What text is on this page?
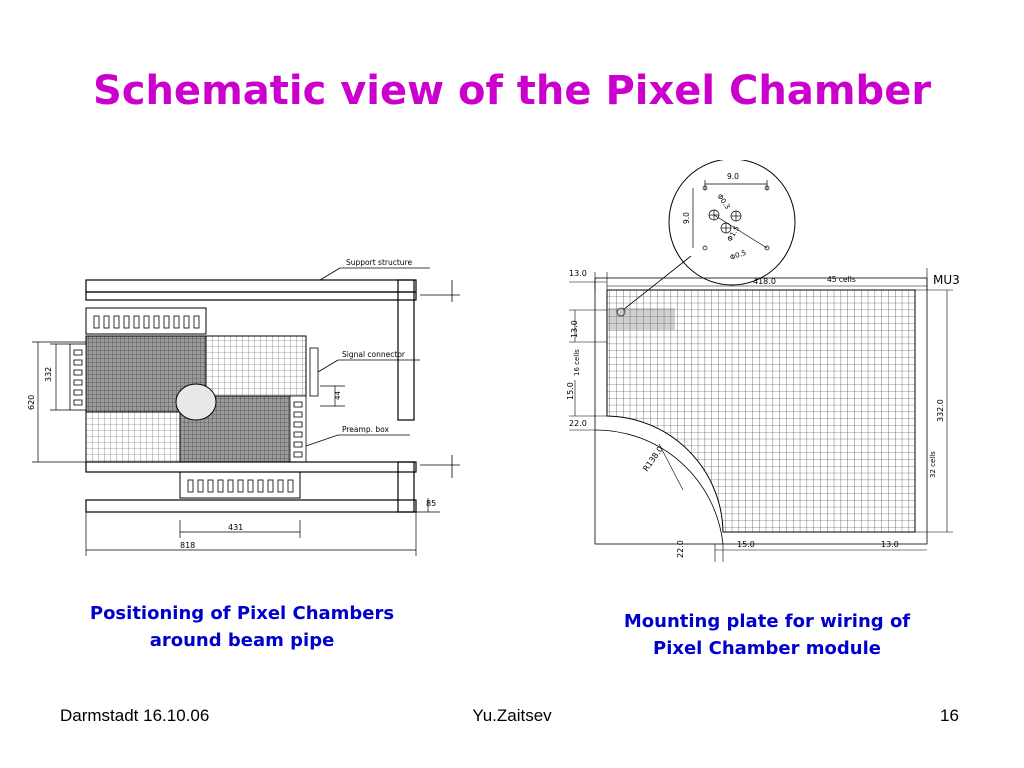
Schematic view of the Pixel Chamber
Support structure
Signal connector
Preamp. box
620
332
44
85
431
818
9.0
9.0
Φ0.3
Φ1.5
Φ0.5
13.0
418.0	45 cells	MU3
13.0
16 cells
15.0
22.0
R138.0
332.0
32 cells
22.0	15.0	13.0
Positioning of Pixel Chambers around beam pipe
Mounting plate for wiring of Pixel Chamber module
Darmstadt 16.10.06	Yu.Zaitsev	16
